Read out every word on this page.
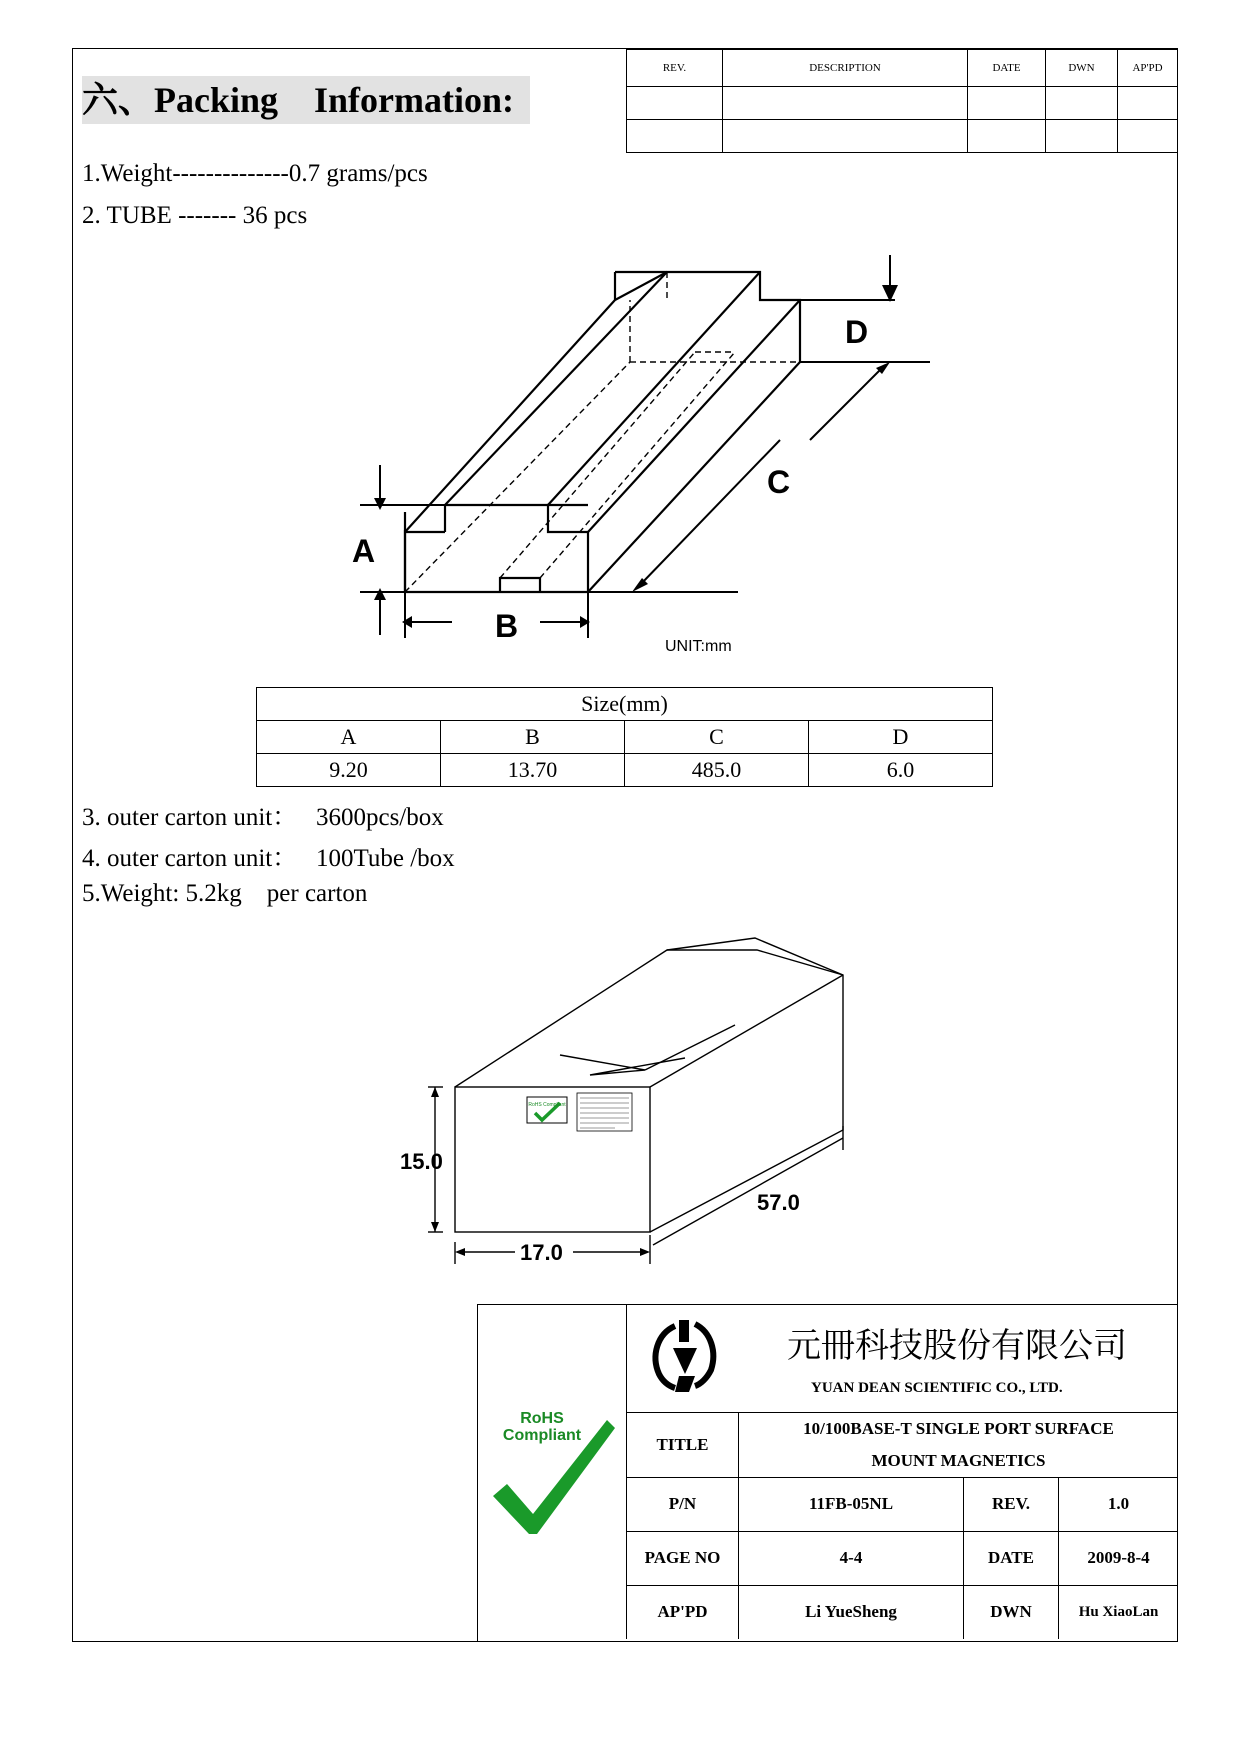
REV.	DESCRIPTION	DATE	DWN	AP'PD

六、Packing    Information:
1.Weight--------------0.7 grams/pcs
2. TUBE ------- 36 pcs
A
B
C
D
UNIT:mm
Size(mm)			
A	B	C	D
9.20	13.70	485.0	6.0
3. outer carton unit：   3600pcs/box
4. outer carton unit：   100Tube /box
5.Weight: 5.2kg    per carton
RoHS Compliant
15.0
17.0
57.0
RoHS
Compliant
元冊科技股份有限公司
YUAN DEAN SCIENTIFIC CO., LTD.			

TITLE	10/100BASE-T SINGLE PORT SURFACE
MOUNT MAGNETICS		

P/N	11FB-05NL	REV.	1.0
PAGE NO	4-4	DATE	2009-8-4
AP'PD	Li YueSheng	DWN	Hu XiaoLan
